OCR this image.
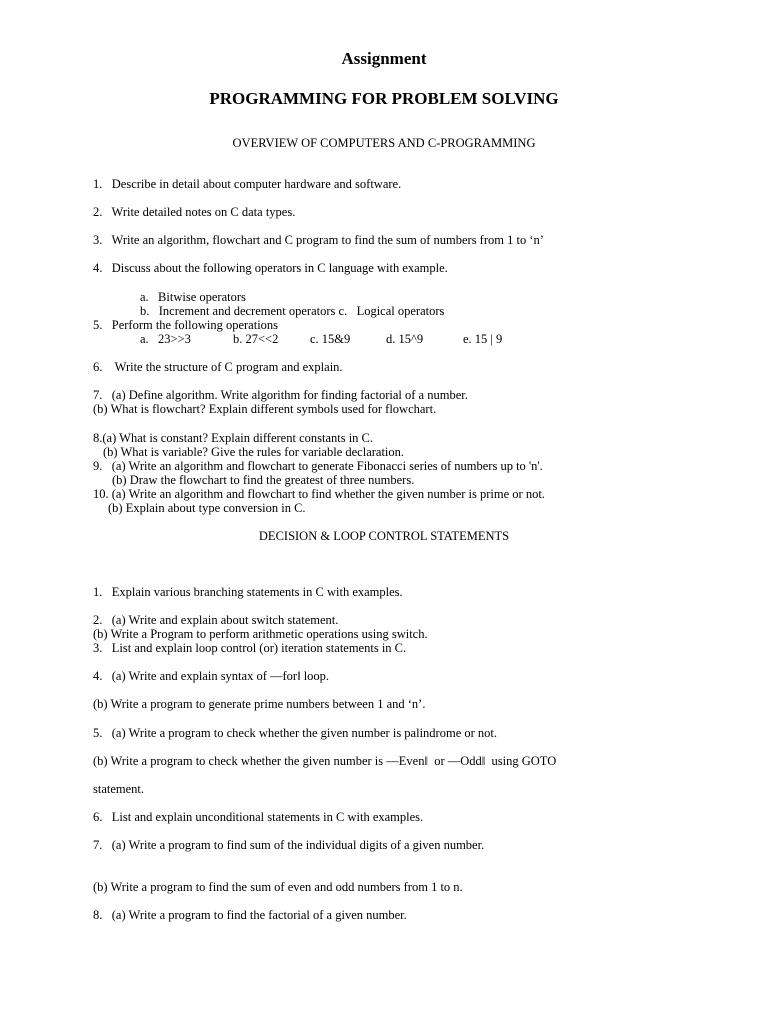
Assignment
PROGRAMMING FOR PROBLEM SOLVING
OVERVIEW OF COMPUTERS AND C-PROGRAMMING
1.   Describe in detail about computer hardware and software.
2.   Write detailed notes on C data types.
3.   Write an algorithm, flowchart and C program to find the sum of numbers from 1 to ‘n’
4.   Discuss about the following operators in C language with example.
a.   Bitwise operators
b.   Increment and decrement operators c.   Logical operators
5.   Perform the following operations
a.   23>>3	b. 27<<2	c. 15&9	d. 15^9	e. 15 | 9
6.    Write the structure of C program and explain.
7.   (a) Define algorithm. Write algorithm for finding factorial of a number.
(b) What is flowchart? Explain different symbols used for flowchart.
8.(a) What is constant? Explain different constants in C.
(b) What is variable? Give the rules for variable declaration.
9.   (a) Write an algorithm and flowchart to generate Fibonacci series of numbers up to 'n'.
(b) Draw the flowchart to find the greatest of three numbers.
10. (a) Write an algorithm and flowchart to find whether the given number is prime or not.
(b) Explain about type conversion in C.
DECISION & LOOP CONTROL STATEMENTS
1.   Explain various branching statements in C with examples.
2.   (a) Write and explain about switch statement.
(b) Write a Program to perform arithmetic operations using switch.
3.   List and explain loop control (or) iteration statements in C.
4.   (a) Write and explain syntax of —for‖ loop.
(b) Write a program to generate prime numbers between 1 and ‘n’.
5.   (a) Write a program to check whether the given number is palindrome or not.
(b) Write a program to check whether the given number is —Even‖  or —Odd‖  using GOTO
statement.
6.   List and explain unconditional statements in C with examples.
7.   (a) Write a program to find sum of the individual digits of a given number.
(b) Write a program to find the sum of even and odd numbers from 1 to n.
8.   (a) Write a program to find the factorial of a given number.
